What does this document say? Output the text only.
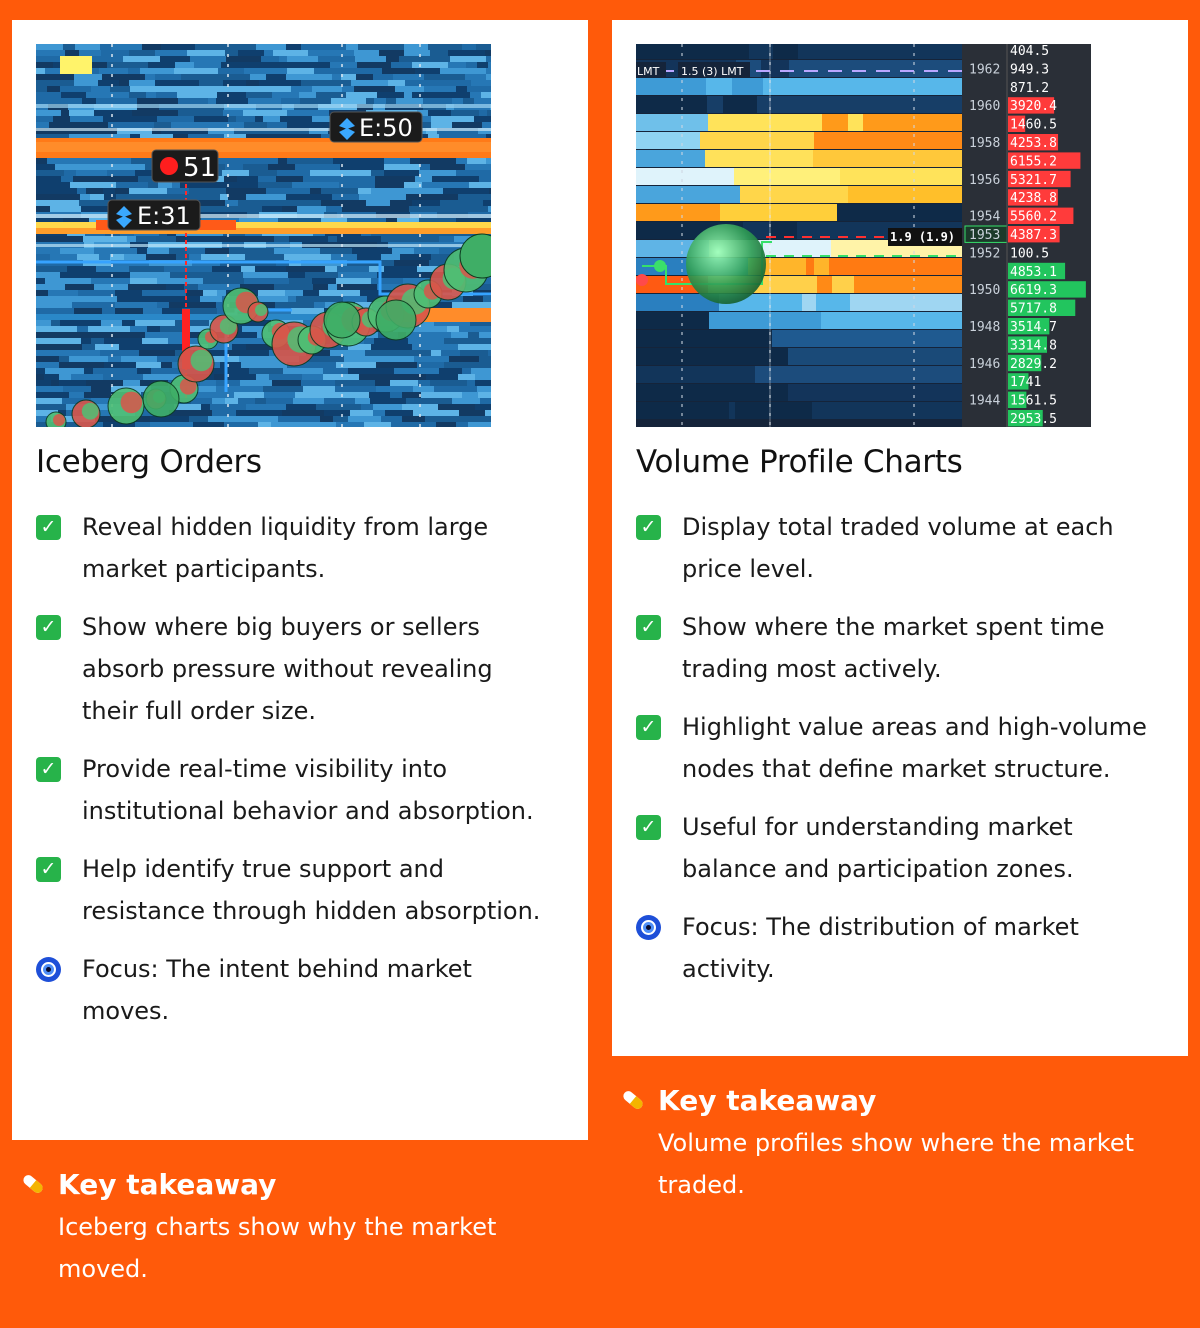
51
E:50
E:31
Iceberg Orders
✓ Reveal hidden liquidity from large market participants.
✓ Show where big buyers or sellers absorb pressure without revealing their full order size.
✓ Provide real-time visibility into institutional behavior and absorption.
✓ Help identify true support and resistance through hidden absorption.
Focus: The intent behind market moves.
Key takeaway
Iceberg charts show why the market moved.
404.5
949.3
1962
871.2
3920.4
1960
1460.5
4253.8
1958
6155.2
5321.7
1956
4238.8
5560.2
1954
4387.3
1953
100.5
1952
4853.1
6619.3
1950
5717.8
3514.7
1948
3314.8
2829.2
1946
1741
1561.5
1944
2953.5
LMT 1.5 (3) LMT
1.9 (1.9)
Volume Profile Charts
✓ Display total traded volume at each price level.
✓ Show where the market spent time trading most actively.
✓ Highlight value areas and high-volume nodes that define market structure.
✓ Useful for understanding market balance and participation zones.
Focus: The distribution of market activity.
Key takeaway
Volume profiles show where the market traded.
